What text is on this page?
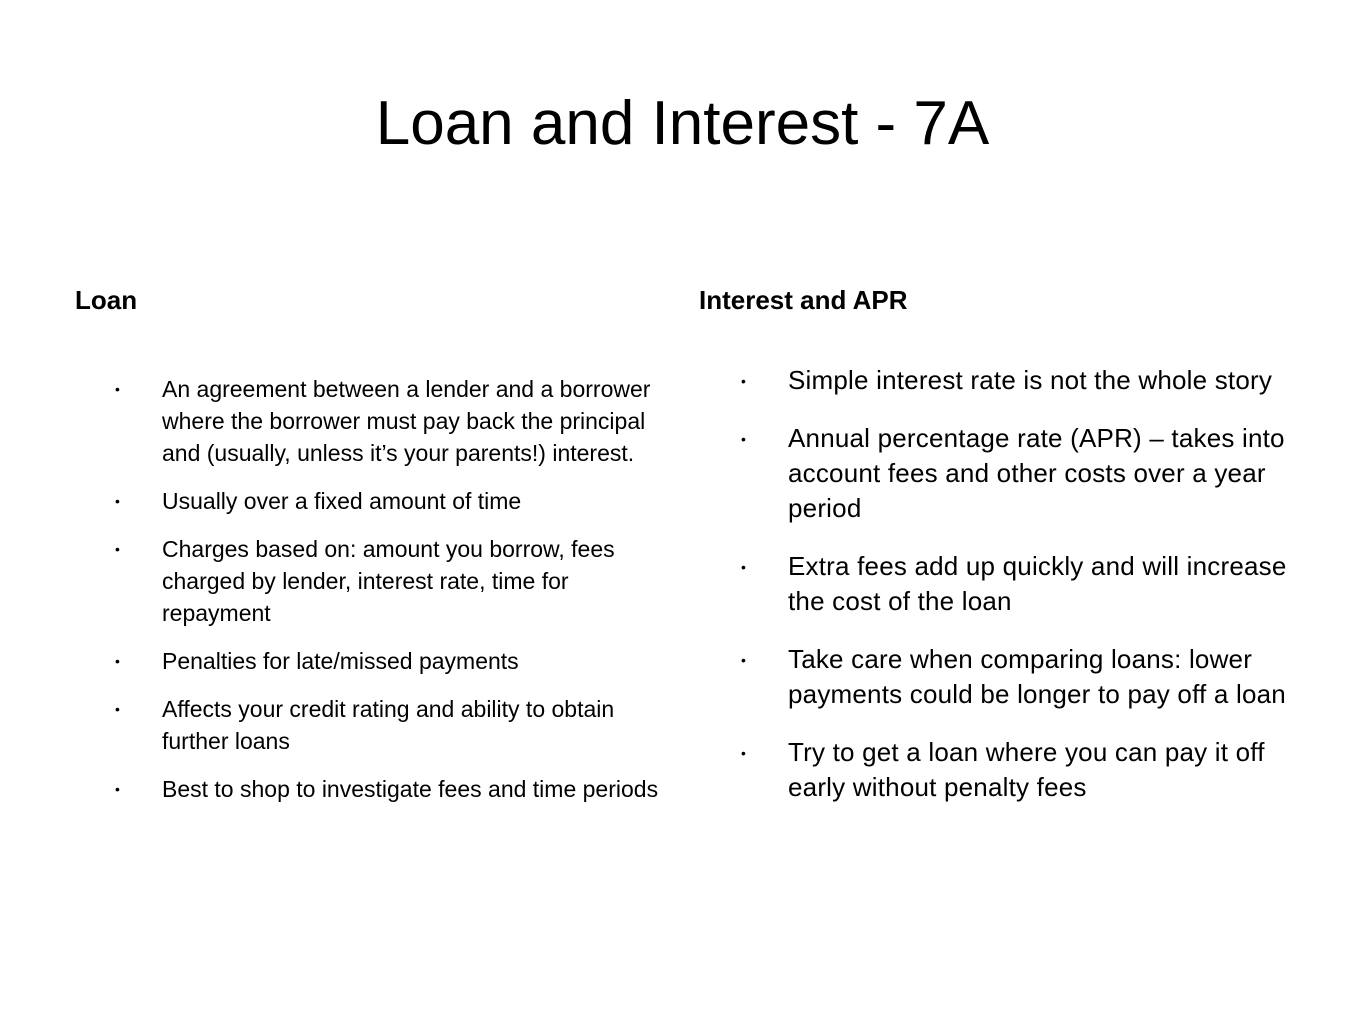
Loan and Interest - 7A
Loan	Interest and APR
• An agreement between a lender and a borrower where the borrower must pay back the principal and (usually, unless it’s your parents!) interest.
• Usually over a fixed amount of time
• Charges based on: amount you borrow, fees charged by lender, interest rate, time for repayment
• Penalties for late/missed payments
• Affects your credit rating and ability to obtain further loans
• Best to shop to investigate fees and time periods
• Simple interest rate is not the whole story
• Annual percentage rate (APR) – takes into account fees and other costs over a year period
• Extra fees add up quickly and will increase the cost of the loan
• Take care when comparing loans: lower payments could be longer to pay off a loan
• Try to get a loan where you can pay it off early without penalty fees
